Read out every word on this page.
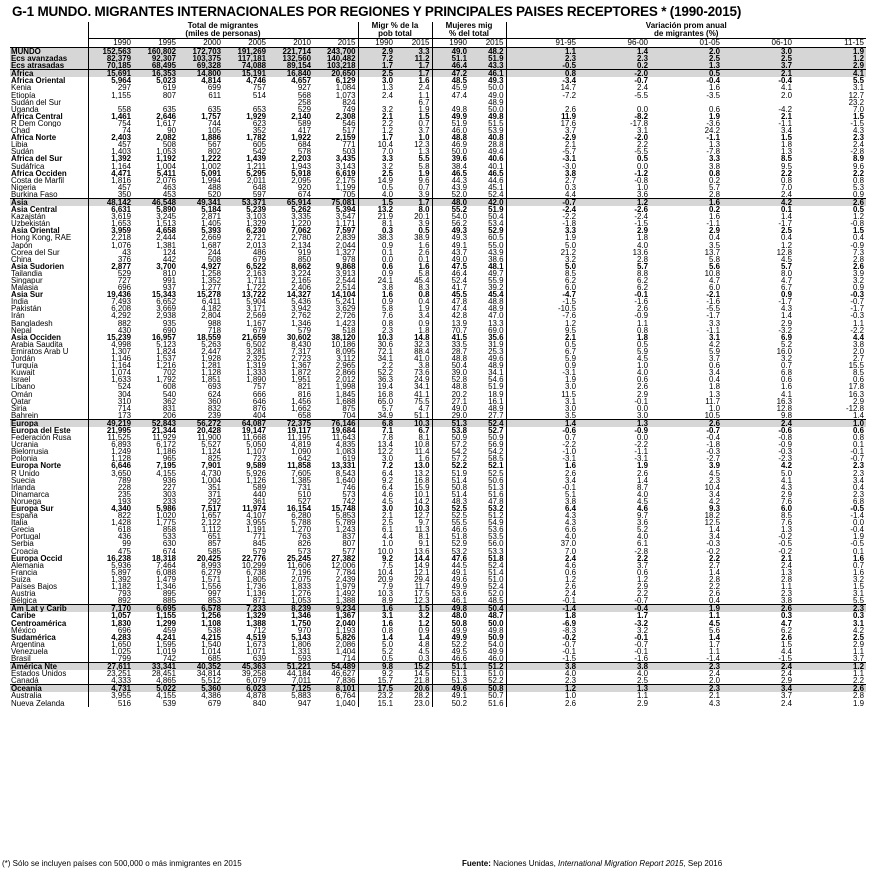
G-1 MUNDO. MIGRANTES INTERNACIONALES POR REGIONES Y PRINCIPALES PAISES RECEPTORES * (1990-2015)
	Total de migrantes						Migr % de la		Mujeres mig		Variación prom anual				
	(miles de personas)						pob total		% del total		de migrantes (%)				
	1990	1995	2000	2005	2010	2015	1990	2015	1990	2015	91-95	96-00	01-05	06-10	11-15
MUNDO	152,563	160,802	172,703	191,269	221,714	243,700	2.9	3.3	49.0	48.2	1.1	1.4	2.0	3.0	1.9
Ecs avanzadas	82,379	92,307	103,375	117,181	132,560	140,482	7.2	11.2	51.1	51.9	2.3	2.3	2.5	2.5	1.2
Ecs atrasadas	70,185	68,495	69,328	74,088	89,154	103,218	1.7	1.7	46.4	43.3	-0.5	0.2	1.3	3.7	2.9
Africa	15,691	16,353	14,800	15,191	16,840	20,650	2.5	1.7	47.2	46.1	0.8	-2.0	0.5	2.1	4.1
Africa Oriental	5,964	5,023	4,814	4,746	4,657	6,129	3.0	1.6	48.5	49.3	-3.4	-0.7	-0.4	-0.4	5.5
Kenia	297	619	699	757	927	1,084	1.3	2.4	45.9	50.0	14.7	2.4	1.6	4.1	3.1
Etiopía	1,155	807	611	514	568	1,073	2.4	1.1	47.4	49.0	-7.2	-5.5	-3.5	2.0	12.7
Sudán del Sur					258	824		6.7		48.9					23.2
Uganda	558	635	635	653	529	749	3.2	1.9	49.8	50.0	2.6	0.0	0.6	-4.2	7.0
Africa Central	1,461	2,646	1,757	1,929	2,140	2,308	2.1	1.5	49.9	49.8	11.9	-8.2	1.9	2.1	1.5
R Dem Congo	754	1,617	744	623	589	546	2.2	0.7	51.9	51.5	17.6	-17.8	-3.6	-1.1	-1.5
Chad	74	90	105	352	417	517	1.2	3.7	46.0	53.9	3.7	3.1	24.2	3.4	4.3
Africa Norte	2,403	2,082	1,886	1,782	1,922	2,159	1.7	1.0	48.8	40.8	-2.9	-2.0	-1.1	1.5	2.3
Libia	457	508	567	605	684	771	10.4	12.3	46.9	28.8	2.1	2.2	1.3	1.8	2.4
Sudán	1,403	1,053	802	542	578	503	7.0	1.3	50.0	49.4	-5.7	-5.5	-7.8	1.3	-2.8
Africa del Sur	1,392	1,192	1,222	1,439	2,203	3,435	3.3	5.5	39.6	40.6	-3.1	0.5	3.3	8.5	8.9
Sudáfrica	1,164	1,004	1,002	1,211	1,943	3,143	3.2	5.8	38.4	40.1	-3.0	0.0	3.8	9.5	9.6
Africa Occiden	4,471	5,411	5,091	5,295	5,918	6,619	2.5	1.9	46.5	46.5	3.8	-1.2	0.8	2.2	2.2
Costa de Marfil	1,816	2,076	1,994	2,011	2,095	2,175	14.9	9.6	44.3	44.6	2.7	-0.8	0.2	0.8	0.8
Nigeria	457	463	488	648	920	1,199	0.5	0.7	43.9	45.1	0.3	1.0	5.7	7.0	5.3
Burkina Faso	350	453	520	597	674	705	4.0	3.9	52.0	52.4	4.4	3.6	2.8	2.4	0.9
Asia	48,142	46,548	49,341	53,371	65,914	75,081	1.5	1.7	48.0	42.0	-0.7	1.2	1.6	4.2	2.6
Asia Central	6,631	5,890	5,184	5,239	5,262	5,394	13.2	8.0	55.2	51.9	-2.4	-2.6	0.2	0.1	0.5
Kazajstán	3,619	3,245	2,871	3,103	3,335	3,547	21.9	20.1	54.0	50.4	-2.2	-2.4	1.6	1.4	1.2
Uzbekistán	1,653	1,513	1,405	1,329	1,220	1,171	8.1	3.9	56.2	53.4	-1.8	-1.5	-1.1	-1.7	-0.8
Asia Oriental	3,959	4,658	5,393	6,230	7,062	7,597	0.3	0.5	49.3	52.9	3.3	2.9	2.9	2.5	1.5
Hong Kong, RAE	2,218	2,444	2,669	2,721	2,780	2,839	38.3	38.9	49.3	60.5	1.9	1.8	0.4	0.4	0.4
Japón	1,076	1,381	1,687	2,013	2,134	2,044	0.9	1.6	49.1	55.0	5.0	4.0	3.5	1.2	-0.9
Corea del Sur	43	124	244	486	919	1,327	0.1	2.6	43.7	43.9	21.2	13.6	13.7	12.8	7.3
China	376	442	508	679	850	978	0.0	0.1	49.0	38.6	3.2	2.8	5.8	4.5	2.8
Asia Sudorien	2,877	3,700	4,927	6,522	8,662	9,868	0.6	1.6	47.5	48.1	5.0	5.7	5.6	5.7	2.6
Tailandia	529	810	1,258	2,163	3,224	3,913	0.9	5.8	46.4	49.7	8.5	8.8	10.8	8.0	3.9
Singapur	727	991	1,352	1,711	2,165	2,544	24.1	45.4	52.4	55.9	6.2	6.2	4.7	4.7	3.2
Malasia	696	937	1,277	1,722	2,406	2,514	3.8	8.3	41.7	39.2	6.0	6.2	6.0	6.7	0.9
Asia Sur	19,436	15,343	15,278	13,722	14,327	14,104	1.6	0.8	45.5	45.4	-4.7	-0.1	-2.1	0.9	-0.3
India	7,493	6,652	6,411	5,904	5,436	5,241	0.9	0.4	47.8	48.8	-1.5	-1.6	-1.6	-1.7	-0.7
Pakistán	6,208	3,669	4,182	3,171	3,942	3,629	5.8	1.9	47.4	48.9	-10.5	2.6	-5.5	4.3	-1.7
Irán	4,292	2,938	2,804	2,569	2,762	2,726	7.6	3.4	42.8	47.0	-7.6	-0.9	-1.7	1.4	-0.3
Bangladesh	882	935	988	1,167	1,346	1,423	0.8	0.9	13.9	13.3	1.2	1.1	3.3	2.9	1.1
Nepal	430	690	718	679	579	518	2.3	1.8	70.7	69.0	9.5	0.8	-1.1	-3.2	-2.2
Asia Occiden	15,239	16,957	18,559	21,659	30,602	38,120	10.3	14.8	41.5	35.6	2.1	1.8	3.1	6.9	4.4
Arabia Saudita	4,998	5,123	5,263	6,502	8,430	10,186	30.6	32.3	33.5	31.9	0.5	0.5	4.2	5.2	3.8
Emiratos Arab U	1,307	1,824	2,447	3,281	7,317	8,095	72.1	88.4	28.7	25.3	6.7	5.9	5.9	16.0	2.0
Jordán	1,146	1,537	1,928	2,325	2,723	3,112	34.1	41.0	48.8	49.6	5.9	4.5	3.7	3.2	2.7
Turquía	1,164	1,216	1,281	1,319	1,367	2,965	2.2	3.8	50.4	48.9	0.9	1.0	0.6	0.7	15.5
Kuwait	1,074	702	1,128	1,333	1,872	2,866	52.2	73.6	39.0	34.1	-3.1	4.0	3.4	6.8	8.5
Israel	1,633	1,792	1,851	1,890	1,951	2,012	36.3	24.9	52.8	54.6	1.9	0.6	0.4	0.6	0.6
Líbano	524	608	693	757	821	1,998	19.4	34.1	48.8	51.9	3.0	2.6	1.8	1.6	17.8
Omán	304	540	624	666	816	1,845	16.8	41.1	20.2	18.9	11.5	2.9	1.3	4.1	16.3
Qatar	310	362	360	646	1,456	1,688	65.0	75.5	27.1	16.1	3.1	-0.1	11.7	16.3	2.9
Siria	714	831	832	876	1,662	875	5.7	4.7	49.0	48.9	3.0	0.0	1.0	12.8	-12.8
Bahrein	173	206	239	404	658	704	34.9	51.1	29.0	27.7	3.5	3.0	10.5	9.8	1.4
Europa	49,219	52,843	56,272	64,087	72,375	76,146	6.8	10.3	51.3	52.4	1.4	1.3	2.6	2.4	1.0
Europa del Este	21,995	21,344	20,428	19,147	19,117	19,684	7.1	6.7	53.8	52.7	-0.6	-0.9	-0.7	-0.6	0.6
Federación Rusa	11,525	11,929	11,900	11,668	11,195	11,643	7.8	8.1	50.9	50.9	0.7	0.0	-0.4	-0.8	0.8
Ucrania	6,893	6,172	5,527	5,050	4,819	4,835	13.4	10.8	57.2	56.9	-2.2	-2.2	-1.8	-0.9	0.1
Bielorrusia	1,249	1,186	1,124	1,107	1,090	1,083	12.2	11.4	54.2	54.2	-1.0	-1.1	-0.3	-0.3	-0.1
Polonia	1,128	965	825	723	642	619	3.0	1.6	57.2	58.5	-3.1	-3.1	-2.7	-2.3	-0.7
Europa Norte	6,646	7,195	7,901	9,589	11,858	13,331	7.2	13.0	52.2	52.1	1.6	1.9	3.9	4.2	2.3
R Unido	3,650	4,155	4,730	5,926	7,605	8,543	6.4	13.2	51.9	52.5	2.6	2.6	4.5	5.0	2.3
Suecia	789	936	1,004	1,126	1,385	1,640	9.2	16.8	51.4	50.6	3.4	1.4	2.3	4.1	3.4
Irlanda	228	227	351	589	731	746	6.4	15.9	50.8	51.3	-0.1	8.7	10.4	4.3	0.4
Dinamarca	235	303	371	440	510	573	4.6	10.1	51.4	51.6	5.1	4.0	3.4	2.9	2.3
Noruega	193	233	292	361	527	742	4.5	14.2	48.3	47.8	3.8	4.5	4.2	7.6	6.8
Europa Sur	4,340	5,986	7,517	11,974	16,154	15,748	3.0	10.3	52.5	53.2	6.4	4.6	9.3	6.0	-0.5
España	822	1,020	1,657	4,107	6,280	5,853	2.1	12.7	52.5	51.2	4.3	9.7	18.2	8.5	-1.4
Italia	1,428	1,775	2,122	3,955	5,788	5,789	2.5	9.7	55.5	54.9	4.3	3.6	12.5	7.6	0.0
Grecia	618	858	1,112	1,191	1,270	1,243	6.1	11.3	46.6	53.6	6.6	5.2	1.4	1.3	-0.4
Portugal	436	533	651	771	763	837	4.4	8.1	51.8	53.5	4.0	4.0	3.4	-0.2	1.9
Serbia	99	630	857	845	826	807	1.0	9.1	52.9	56.0	37.0	6.1	-0.3	-0.5	-0.5
Croacia	475	674	585	579	573	577	10.0	13.6	53.2	53.3	7.0	-2.8	-0.2	-0.2	0.1
Europa Occid	16,238	18,318	20,425	22,776	25,245	27,382	9.2	14.4	47.6	51.8	2.4	2.2	2.2	2.1	1.6
Alemania	5,936	7,464	8,993	10,299	11,606	12,006	7.5	14.9	44.5	52.4	4.6	3.7	2.7	2.4	0.7
Francia	5,897	6,088	6,279	6,738	7,196	7,784	10.4	12.1	49.1	51.4	0.6	0.6	1.4	1.3	1.6
Suiza	1,392	1,479	1,571	1,805	2,075	2,439	20.9	29.4	49.6	51.0	1.2	1.2	2.8	2.8	3.2
Países Bajos	1,182	1,346	1,556	1,736	1,833	1,979	7.9	11.7	49.9	52.4	2.6	2.9	2.2	1.1	1.5
Austria	793	895	997	1,136	1,276	1,492	10.3	17.5	53.6	52.0	2.4	2.2	2.6	2.3	3.1
Bélgica	892	885	853	871	1,053	1,388	8.9	12.3	46.1	48.5	-0.1	-0.7	0.4	3.8	5.5
Am Lat y Carib	7,170	6,695	6,578	7,233	8,239	9,234	1.6	1.5	49.8	50.4	-1.4	-0.4	1.9	2.6	2.3
Caribe	1,057	1,155	1,256	1,329	1,346	1,367	3.1	3.2	48.0	48.7	1.8	1.7	1.1	0.3	0.3
Centroamérica	1,830	1,299	1,108	1,388	1,750	2,040	1.6	1.2	50.8	50.0	-6.9	-3.2	4.5	4.7	3.1
México	696	459	538	712	970	1,193	0.8	0.9	49.9	49.8	-8.3	3.2	5.6	6.2	4.2
Sudamérica	4,283	4,241	4,215	4,519	5,143	5,826	1.4	1.4	49.9	50.9	-0.2	-0.1	1.4	2.6	2.5
Argentina	1,650	1,595	1,540	1,673	1,806	2,086	5.0	4.8	52.2	54.0	-0.7	-0.7	1.7	1.5	2.9
Venezuela	1,025	1,019	1,014	1,071	1,331	1,404	5.2	4.5	49.5	49.9	-0.1	-0.1	1.1	4.4	1.1
Brasil	799	742	685	639	593	714	0.5	0.3	46.6	46.0	-1.5	-1.6	-1.4	-1.5	3.7
América Nte	27,611	33,341	40,352	45,363	51,221	54,489	9.8	15.2	51.1	51.2	3.8	3.8	2.3	2.4	1.2
Estados Unidos	23,251	28,451	34,814	39,258	44,184	46,627	9.2	14.5	51.1	51.0	4.0	4.0	2.4	2.4	1.1
Canadá	4,333	4,865	5,512	6,079	7,011	7,836	15.7	21.8	51.3	52.2	2.3	2.5	2.0	2.9	2.2
Oceanía	4,731	5,022	5,360	6,023	7,125	8,101	17.5	20.6	49.6	50.8	1.2	1.3	2.3	3.4	2.6
Australia	3,955	4,155	4,386	4,878	5,883	6,764	23.2	28.2	49.1	50.7	1.0	1.1	2.1	3.7	2.8
Nueva Zelanda	516	539	679	840	947	1,040	15.1	23.0	50.2	51.6	2.6	2.9	4.3	2.4	1.9
(*) Sólo se incluyen países con 500,000 o más inmigrantes en 2015	Fuente: Naciones Unidas, International Migration Report 2015, Sep 2016
